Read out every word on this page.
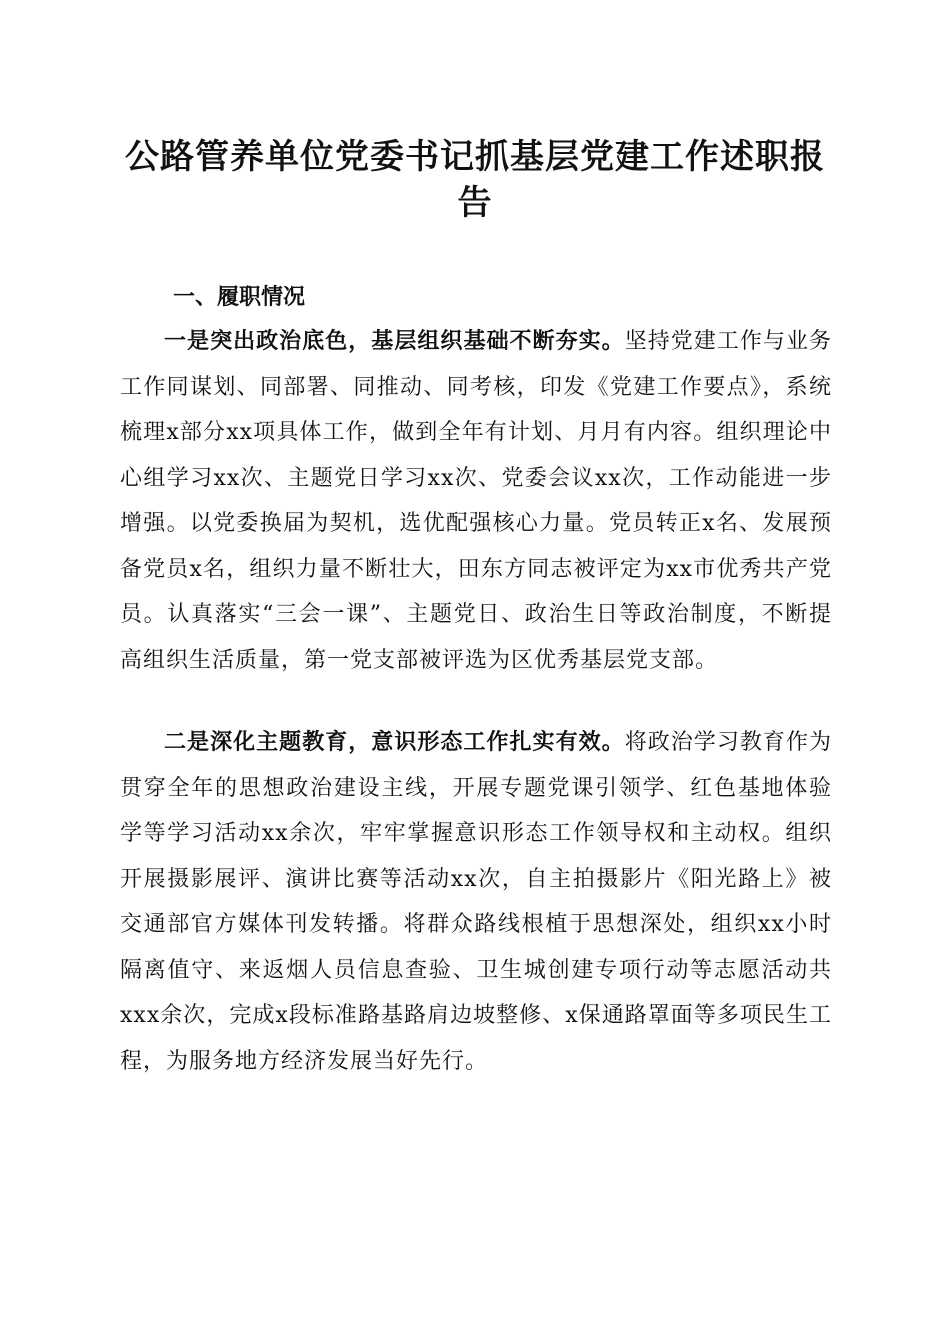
公路管养单位党委书记抓基层党建工作述职报告
一、履职情况

一是突出政治底色，基层组织基础不断夯实。坚持党建工作与业务工作同谋划、同部署、同推动、同考核，印发《党建工作要点》，系统梳理x部分xx项具体工作，做到全年有计划、月月有内容。组织理论中心组学习xx次、主题党日学习xx次、党委会议xx次，工作动能进一步增强。以党委换届为契机，选优配强核心力量。党员转正x名、发展预备党员x名，组织力量不断壮大，田东方同志被评定为xx市优秀共产党员。认真落实“三会一课”、主题党日、政治生日等政治制度，不断提高组织生活质量，第一党支部被评选为区优秀基层党支部。

二是深化主题教育，意识形态工作扎实有效。将政治学习教育作为贯穿全年的思想政治建设主线，开展专题党课引领学、红色基地体验学等学习活动xx余次，牢牢掌握意识形态工作领导权和主动权。组织开展摄影展评、演讲比赛等活动xx次，自主拍摄影片《阳光路上》被交通部官方媒体刊发转播。将群众路线根植于思想深处，组织xx小时隔离值守、来返烟人员信息查验、卫生城创建专项行动等志愿活动共xxx余次，完成x段标准路基路肩边坡整修、x保通路罩面等多项民生工程，为服务地方经济发展当好先行。
